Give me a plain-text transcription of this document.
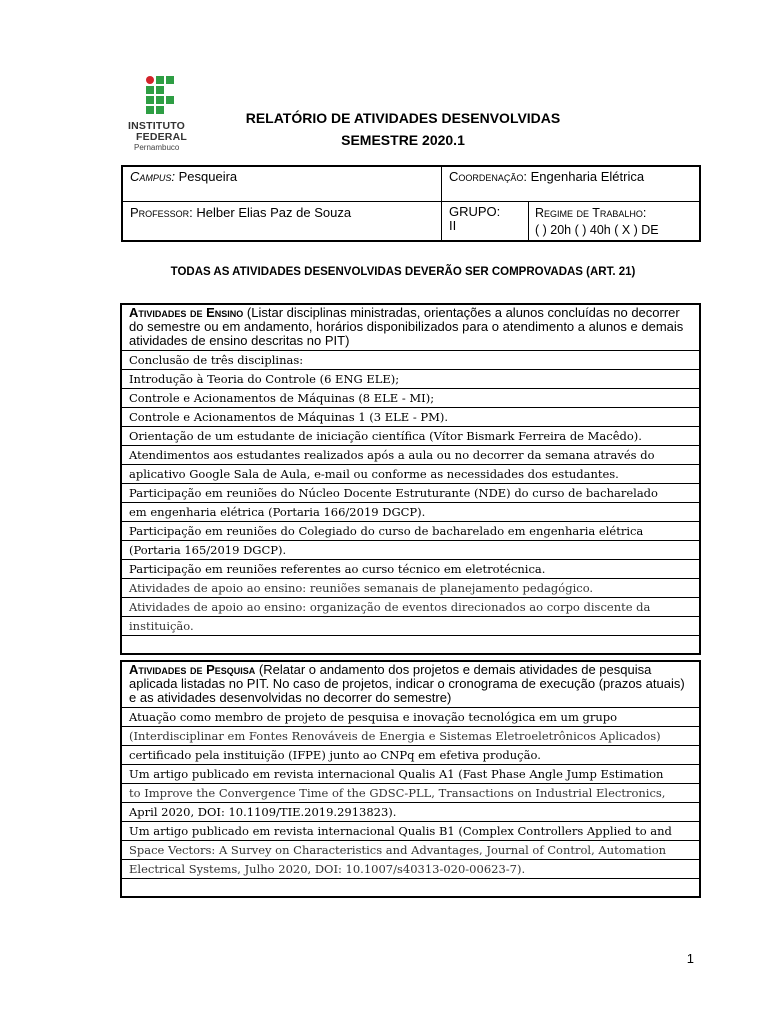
INSTITUTO
FEDERAL
Pernambuco
RELATÓRIO DE ATIVIDADES DESENVOLVIDAS
SEMESTRE 2020.1
Campus: Pesqueira	Coordenação: Engenharia Elétrica
Professor: Helber Elias Paz de Souza	GRUPO:
II
Regime de Trabalho:
( ) 20h ( ) 40h ( X ) DE
TODAS AS ATIVIDADES DESENVOLVIDAS DEVERÃO SER COMPROVADAS (ART. 21)
Atividades de Ensino (Listar disciplinas ministradas, orientações a alunos concluídas no decorrer do semestre ou em andamento, horários disponibilizados para o atendimento a alunos e demais atividades de ensino descritas no PIT)
Conclusão de três disciplinas:
Introdução à Teoria do Controle (6 ENG ELE);
Controle e Acionamentos de Máquinas (8 ELE - MI);
Controle e Acionamentos de Máquinas 1 (3 ELE - PM).
Orientação de um estudante de iniciação científica (Vítor Bismark Ferreira de Macêdo).
Atendimentos aos estudantes realizados após a aula ou no decorrer da semana através do
aplicativo Google Sala de Aula, e-mail ou conforme as necessidades dos estudantes.
Participação em reuniões do Núcleo Docente Estruturante (NDE) do curso de bacharelado
em engenharia elétrica (Portaria 166/2019 DGCP).
Participação em reuniões do Colegiado do curso de bacharelado em engenharia elétrica
(Portaria 165/2019 DGCP).
Participação em reuniões referentes ao curso técnico em eletrotécnica.
Atividades de apoio ao ensino: reuniões semanais de planejamento pedagógico.
Atividades de apoio ao ensino: organização de eventos direcionados ao corpo discente da
instituição.
Atividades de Pesquisa (Relatar o andamento dos projetos e demais atividades de pesquisa aplicada listadas no PIT. No caso de projetos, indicar o cronograma de execução (prazos atuais) e as atividades desenvolvidas no decorrer do semestre)
Atuação como membro de projeto de pesquisa e inovação tecnológica em um grupo
(Interdisciplinar em Fontes Renováveis de Energia e Sistemas Eletroeletrônicos Aplicados)
certificado pela instituição (IFPE) junto ao CNPq em efetiva produção.
Um artigo publicado em revista internacional Qualis A1 (Fast Phase Angle Jump Estimation
to Improve the Convergence Time of the GDSC-PLL, Transactions on Industrial Electronics,
April 2020, DOI: 10.1109/TIE.2019.2913823).
Um artigo publicado em revista internacional Qualis B1 (Complex Controllers Applied to and
Space Vectors: A Survey on Characteristics and Advantages, Journal of Control, Automation
Electrical Systems, Julho 2020, DOI: 10.1007/s40313-020-00623-7).
1
